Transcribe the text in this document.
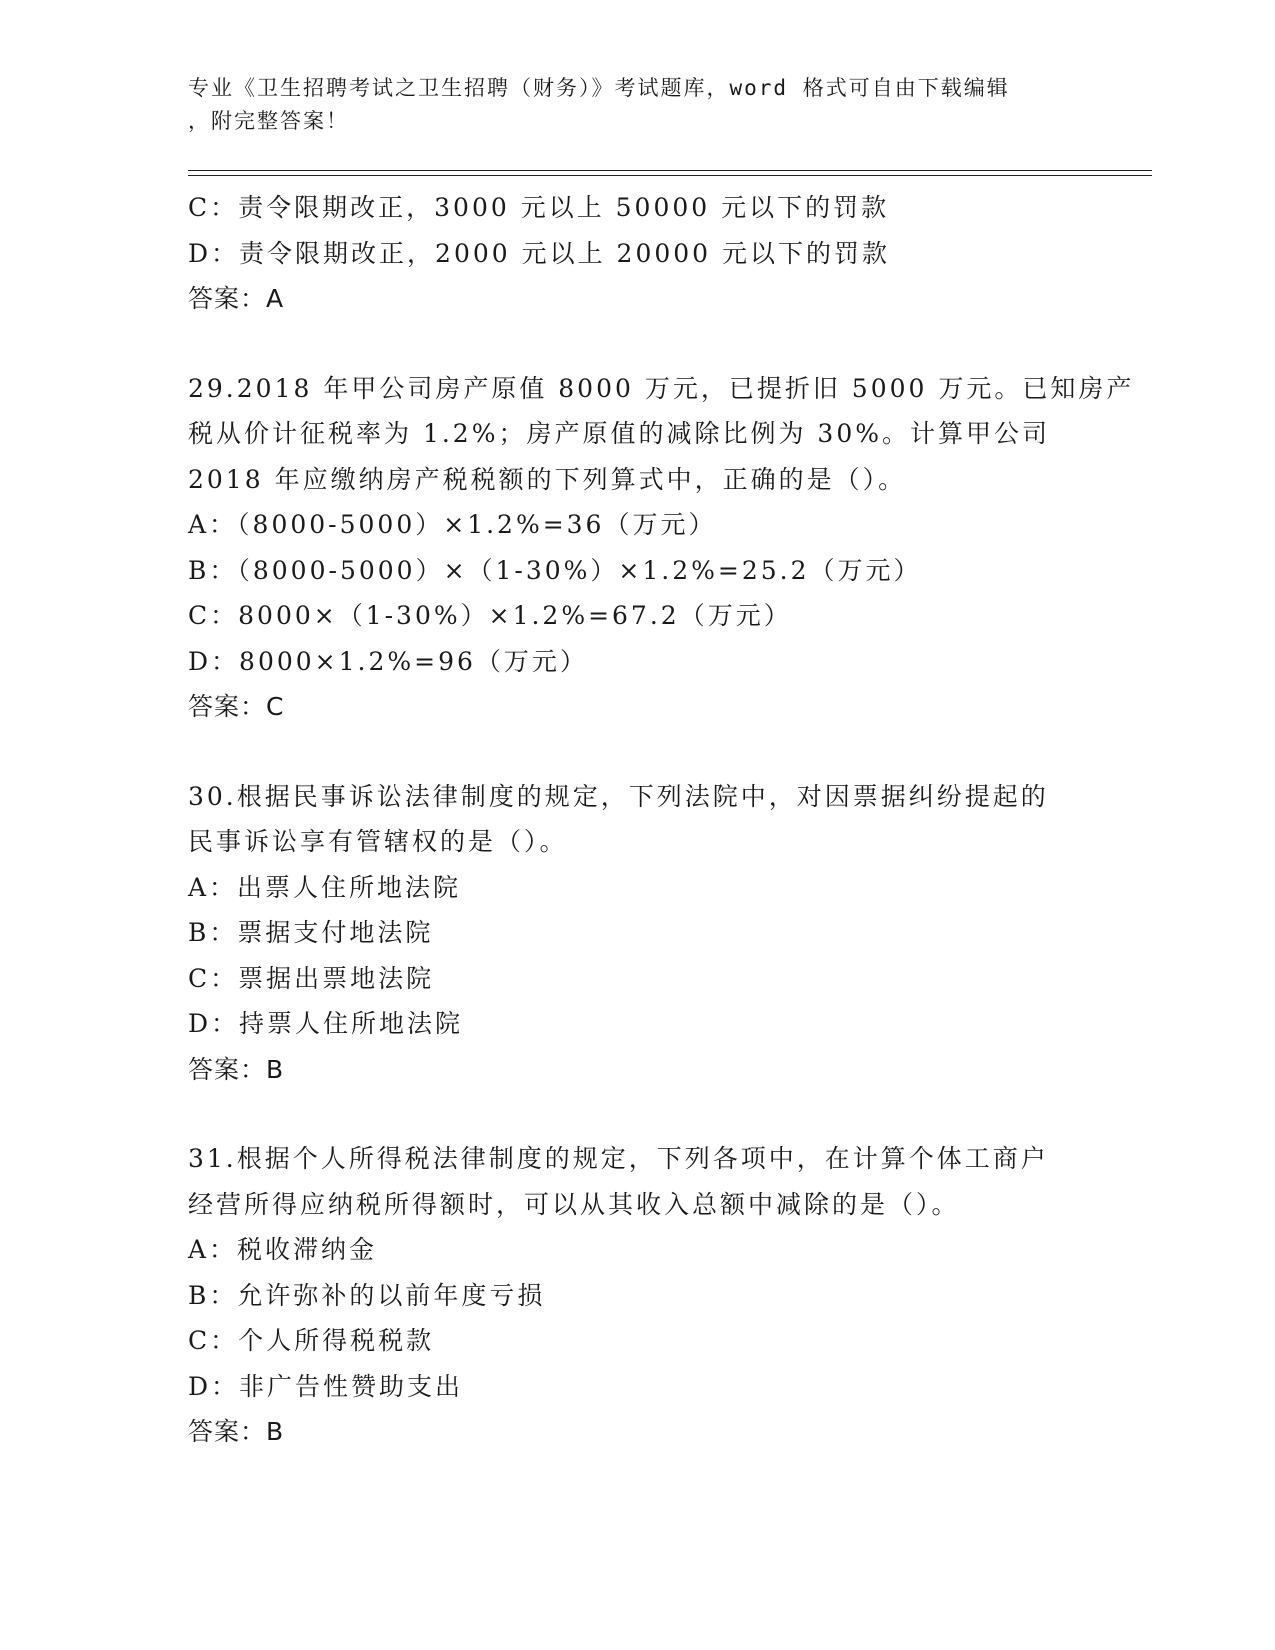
专业《卫生招聘考试之卫生招聘（财务）》考试题库，word 格式可自由下载编辑
，附完整答案！
C：责令限期改正，3000 元以上 50000 元以下的罚款
D：责令限期改正，2000 元以上 20000 元以下的罚款
答案：A
29.2018 年甲公司房产原值 8000 万元，已提折旧 5000 万元。已知房产
税从价计征税率为 1.2%；房产原值的减除比例为 30%。计算甲公司
2018 年应缴纳房产税税额的下列算式中，正确的是（）。
A：（8000-5000）×1.2%=36（万元）
B：（8000-5000）×（1-30%）×1.2%=25.2（万元）
C：8000×（1-30%）×1.2%=67.2（万元）
D：8000×1.2%=96（万元）
答案：C
30.根据民事诉讼法律制度的规定，下列法院中，对因票据纠纷提起的
民事诉讼享有管辖权的是（）。
A：出票人住所地法院
B：票据支付地法院
C：票据出票地法院
D：持票人住所地法院
答案：B
31.根据个人所得税法律制度的规定，下列各项中，在计算个体工商户
经营所得应纳税所得额时，可以从其收入总额中减除的是（）。
A：税收滞纳金
B：允许弥补的以前年度亏损
C：个人所得税税款
D：非广告性赞助支出
答案：B
